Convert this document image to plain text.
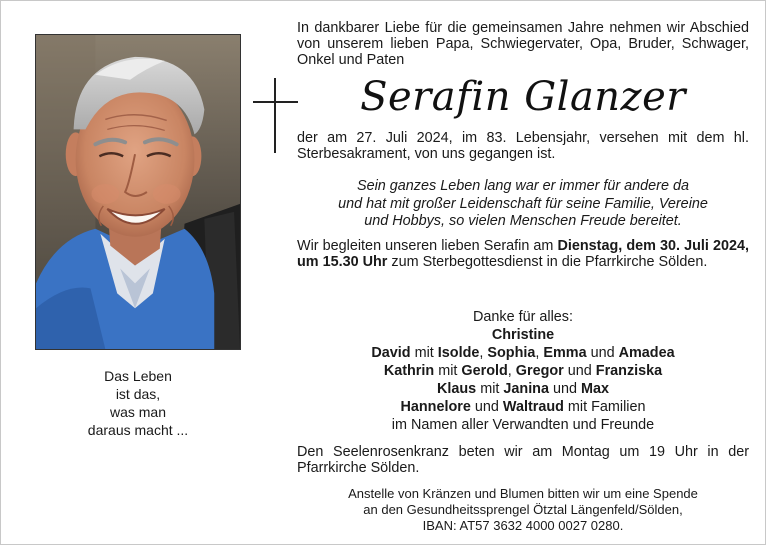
Das Leben
ist das,
was man
daraus macht ...
In dankbarer Liebe für die gemeinsamen Jahre nehmen wir Abschied von unserem lieben Papa, Schwiegervater, Opa, Bruder, Schwager, Onkel und Paten
Serafin Glanzer
der am 27. Juli 2024, im 83. Lebensjahr, versehen mit dem hl. Sterbesakrament, von uns gegangen ist.
Sein ganzes Leben lang war er immer für andere da
und hat mit großer Leidenschaft für seine Familie, Vereine
und Hobbys, so vielen Menschen Freude bereitet.
Wir begleiten unseren lieben Serafin am Dienstag, dem 30. Juli 2024, um 15.30 Uhr zum Sterbegottesdienst in die Pfarrkirche Sölden.
Danke für alles:
Christine
David mit Isolde, Sophia, Emma und Amadea
Kathrin mit Gerold, Gregor und Franziska
Klaus mit Janina und Max
Hannelore und Waltraud mit Familien
im Namen aller Verwandten und Freunde
Den Seelenrosenkranz beten wir am Montag um 19 Uhr in der Pfarrkirche Sölden.
Anstelle von Kränzen und Blumen bitten wir um eine Spende
an den Gesundheitssprengel Ötztal Längenfeld/Sölden,
IBAN: AT57 3632 4000 0027 0280.
